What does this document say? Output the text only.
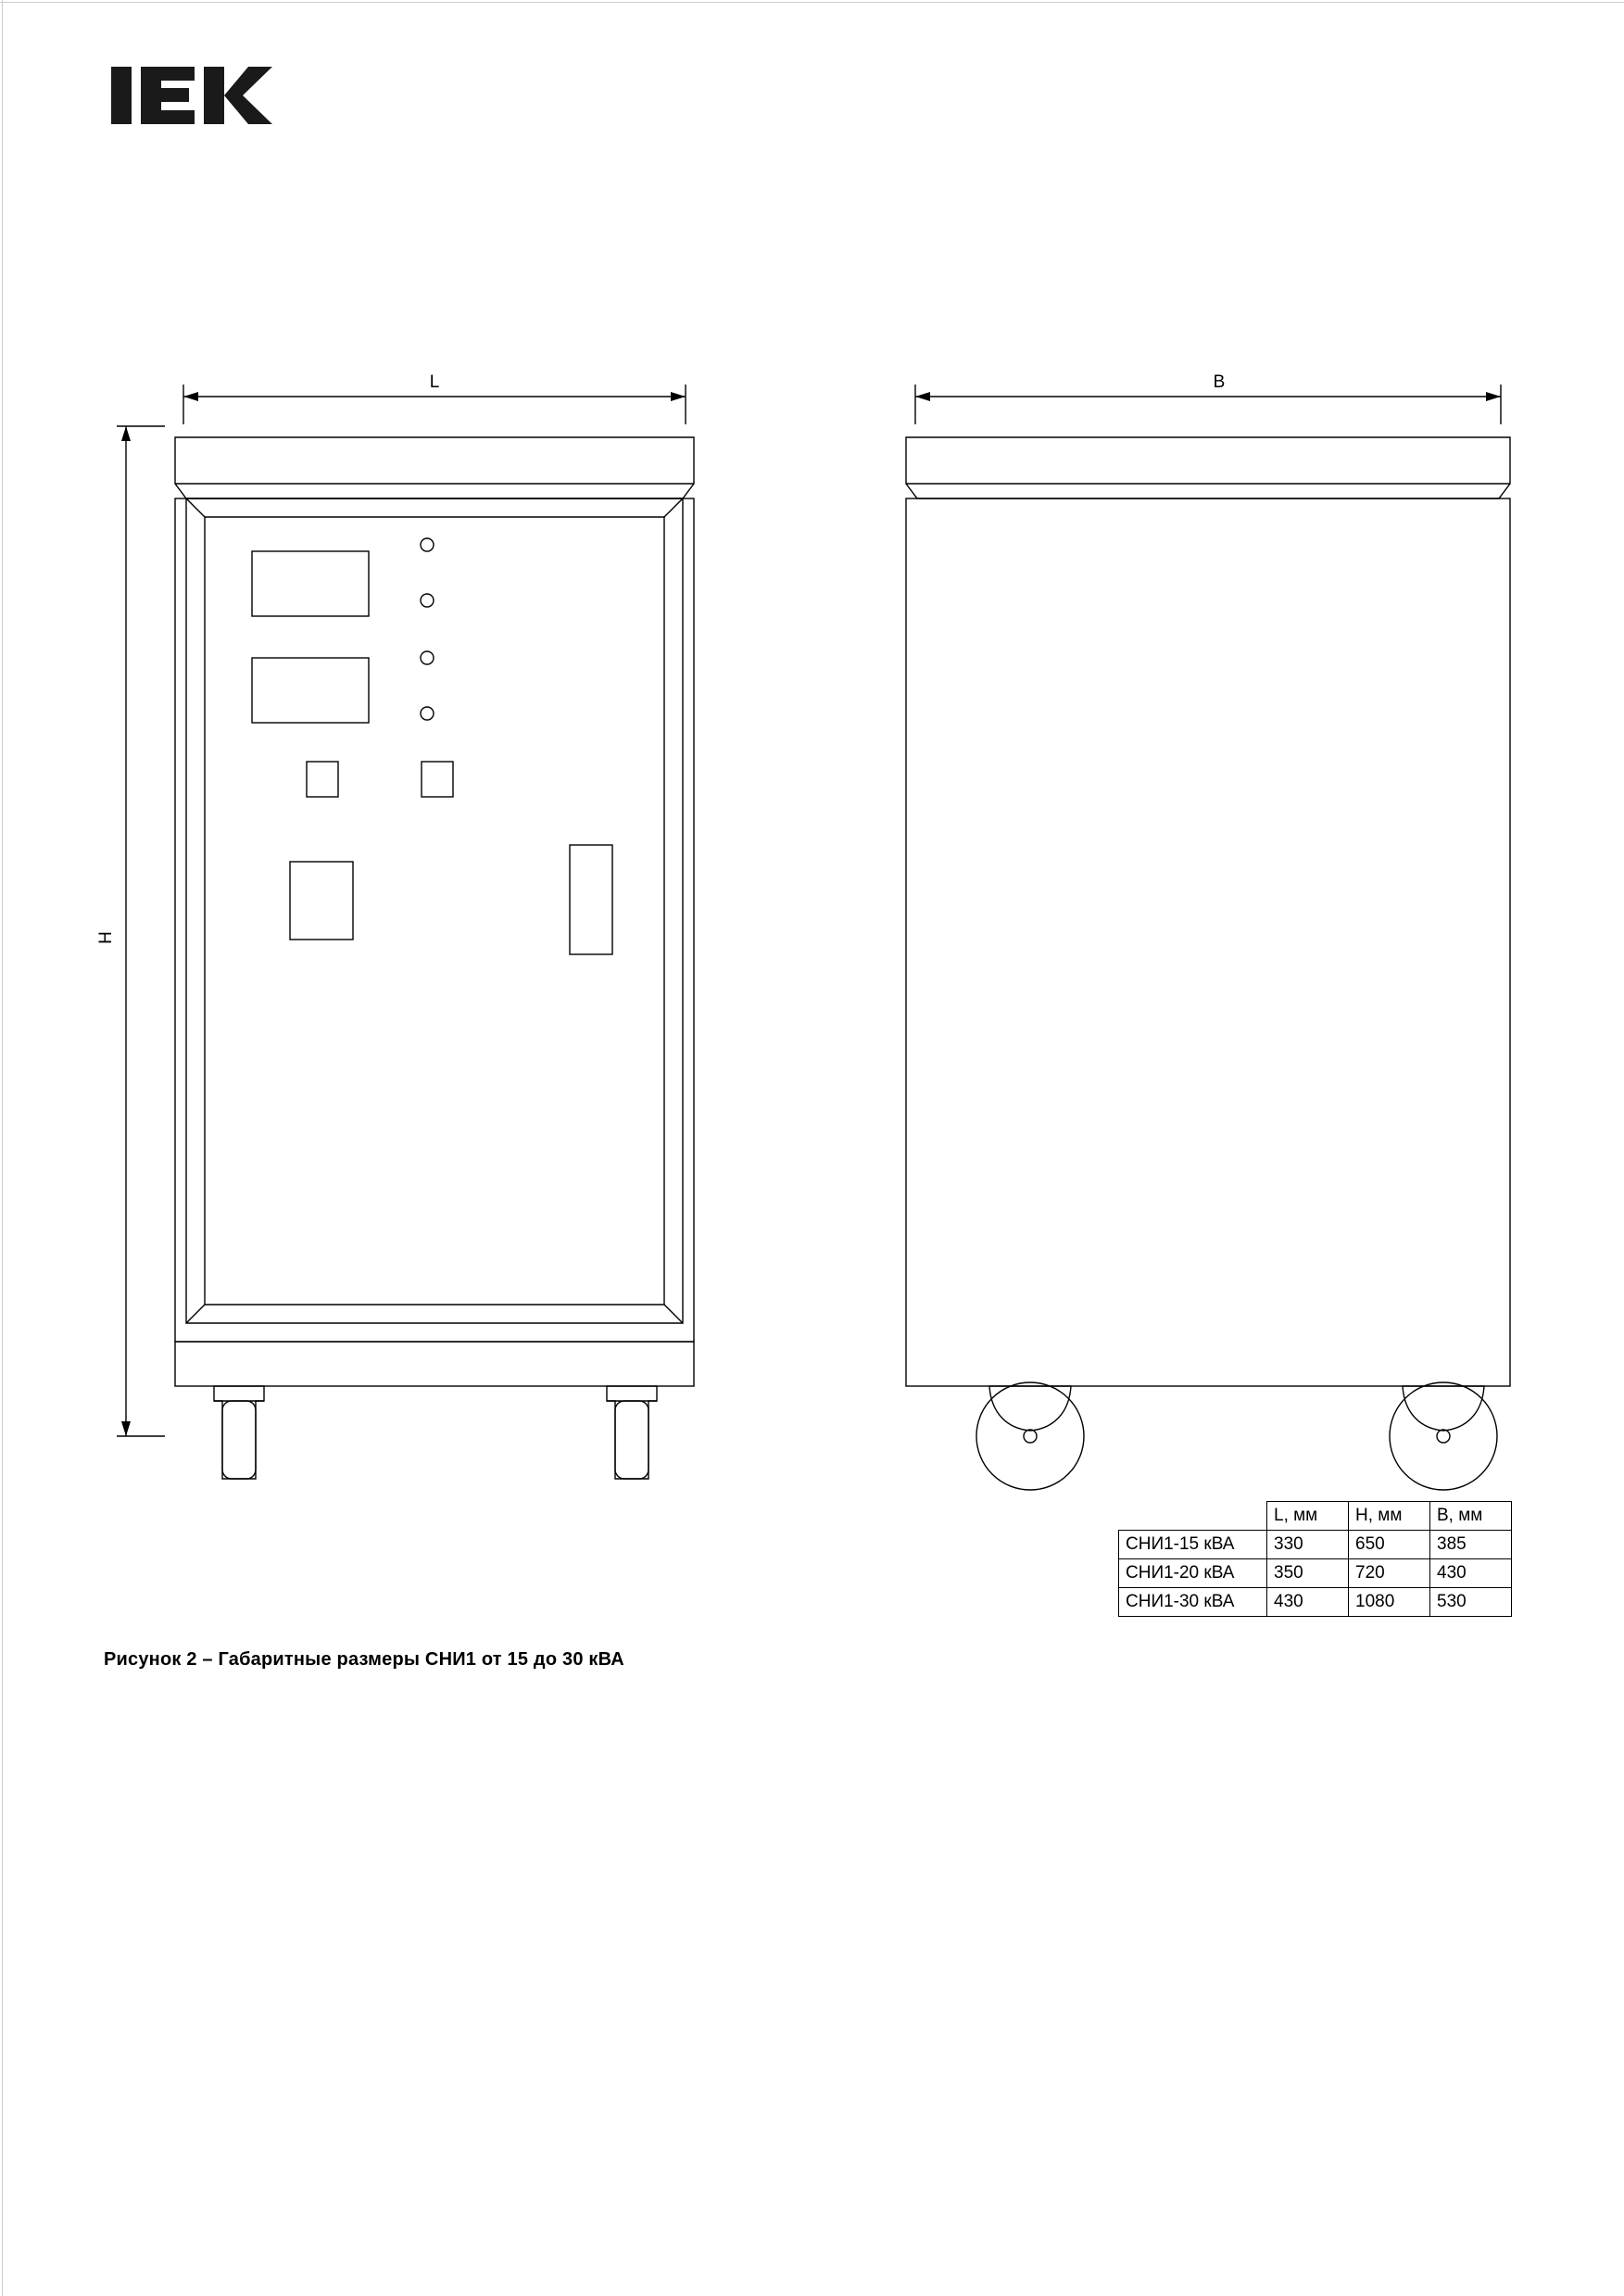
L
H
B
Рисунок 2 – Габаритные размеры СНИ1 от 15 до 30 кВА
	L, мм	H, мм	B, мм
СНИ1-15 кВА	330	650	385
СНИ1-20 кВА	350	720	430
СНИ1-30 кВА	430	1080	530
